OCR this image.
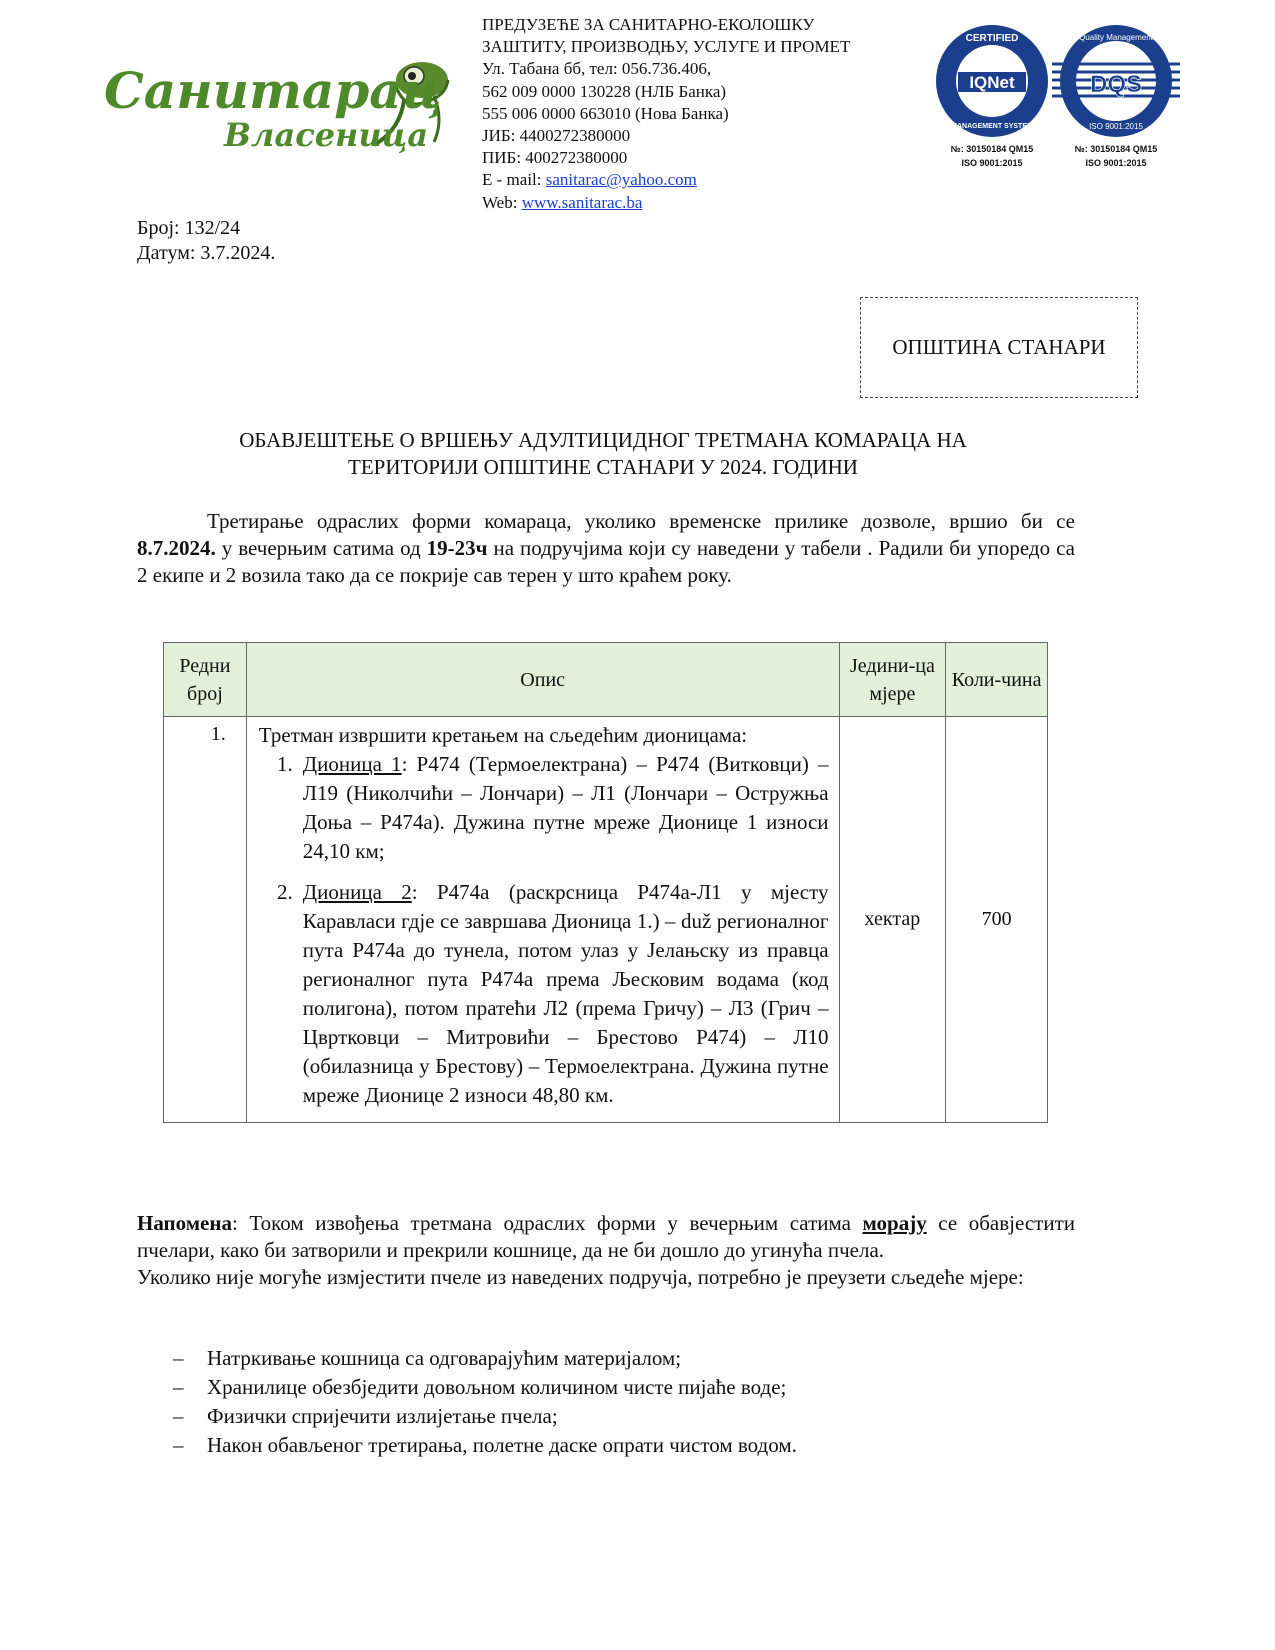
Санитарац
Власеница
ПРЕДУЗЕЋЕ ЗА САНИТАРНО-ЕКОЛОШКУ
ЗАШТИТУ, ПРОИЗВОДЊУ, УСЛУГЕ И ПРОМЕТ
Ул. Табана бб, тел: 056.736.406,
562 009 0000 130228 (НЛБ Банка)
555 006 0000 663010 (Нова Банка)
ЈИБ: 4400272380000
ПИБ: 400272380000
E - mail: sanitarac@yahoo.com
Web: www.sanitarac.ba
IQNet
CERTIFIED
MANAGEMENT SYSTEM
№: 30150184 QM15
ISO 9001:2015
DQS
Quality Management
ISO 9001:2015
№: 30150184 QM15
ISO 9001:2015
Број: 132/24
Датум: 3.7.2024.
ОПШТИНА СТАНАРИ
ОБАВЈЕШТЕЊЕ О ВРШЕЊУ АДУЛТИЦИДНОГ ТРЕТМАНА КОМАРАЦА НА
ТЕРИТОРИЈИ ОПШТИНЕ СТАНАРИ У 2024. ГОДИНИ
Третирање одраслих форми комараца, уколико временске прилике дозволе, вршио би се 8.7.2024. у вечерњим сатима од 19-23ч на подручјима који су наведени у табели . Радили би упоредо са 2 екипе и 2 возила тако да се покрије сав терен у што краћем року.
Редни број	Опис	Једини-ца мјере	Коли-чина
1.	Третман извршити кретањем на сљедећим дионицама:
1. Дионица 1: Р474 (Термоелектрана) – Р474 (Витковци) – Л19 (Николчићи – Лончари) – Л1 (Лончари – Остружња Доња – Р474а). Дужина путне мреже Дионице 1 износи 24,10 км;
2. Дионица 2: Р474а (раскрсница Р474а-Л1 у мјесту Каравласи гдје се завршава Дионица 1.) – duž регионалног пута Р474а до тунела, потом улаз у Јелањску из правца регионалног пута Р474а према Љесковим водама (код полигона), потом пратећи Л2 (према Гричу) – Л3 (Грич – Цвртковци – Митровићи – Брестово Р474) – Л10 (обилазница у Брестову) – Термоелектрана. Дужина путне мреже Дионице 2 износи 48,80 км.	хектар	700
Напомена: Током извођења третмана одраслих форми у вечерњим сатима морају се обавјестити пчелари, како би затворили и прекрили кошнице, да не би дошло до угинућа пчела.
Уколико није могуће измјестити пчеле из наведених подручја, потребно је преузети сљедеће мјере:
–	Натркивање кошница са одговарајућим материјалом;
–	Хранилице обезбједити довољном количином чисте пијаће воде;
–	Физички спријечити излијетање пчела;
–	Након обављеног третирања, полетне даске опрати чистом водом.
